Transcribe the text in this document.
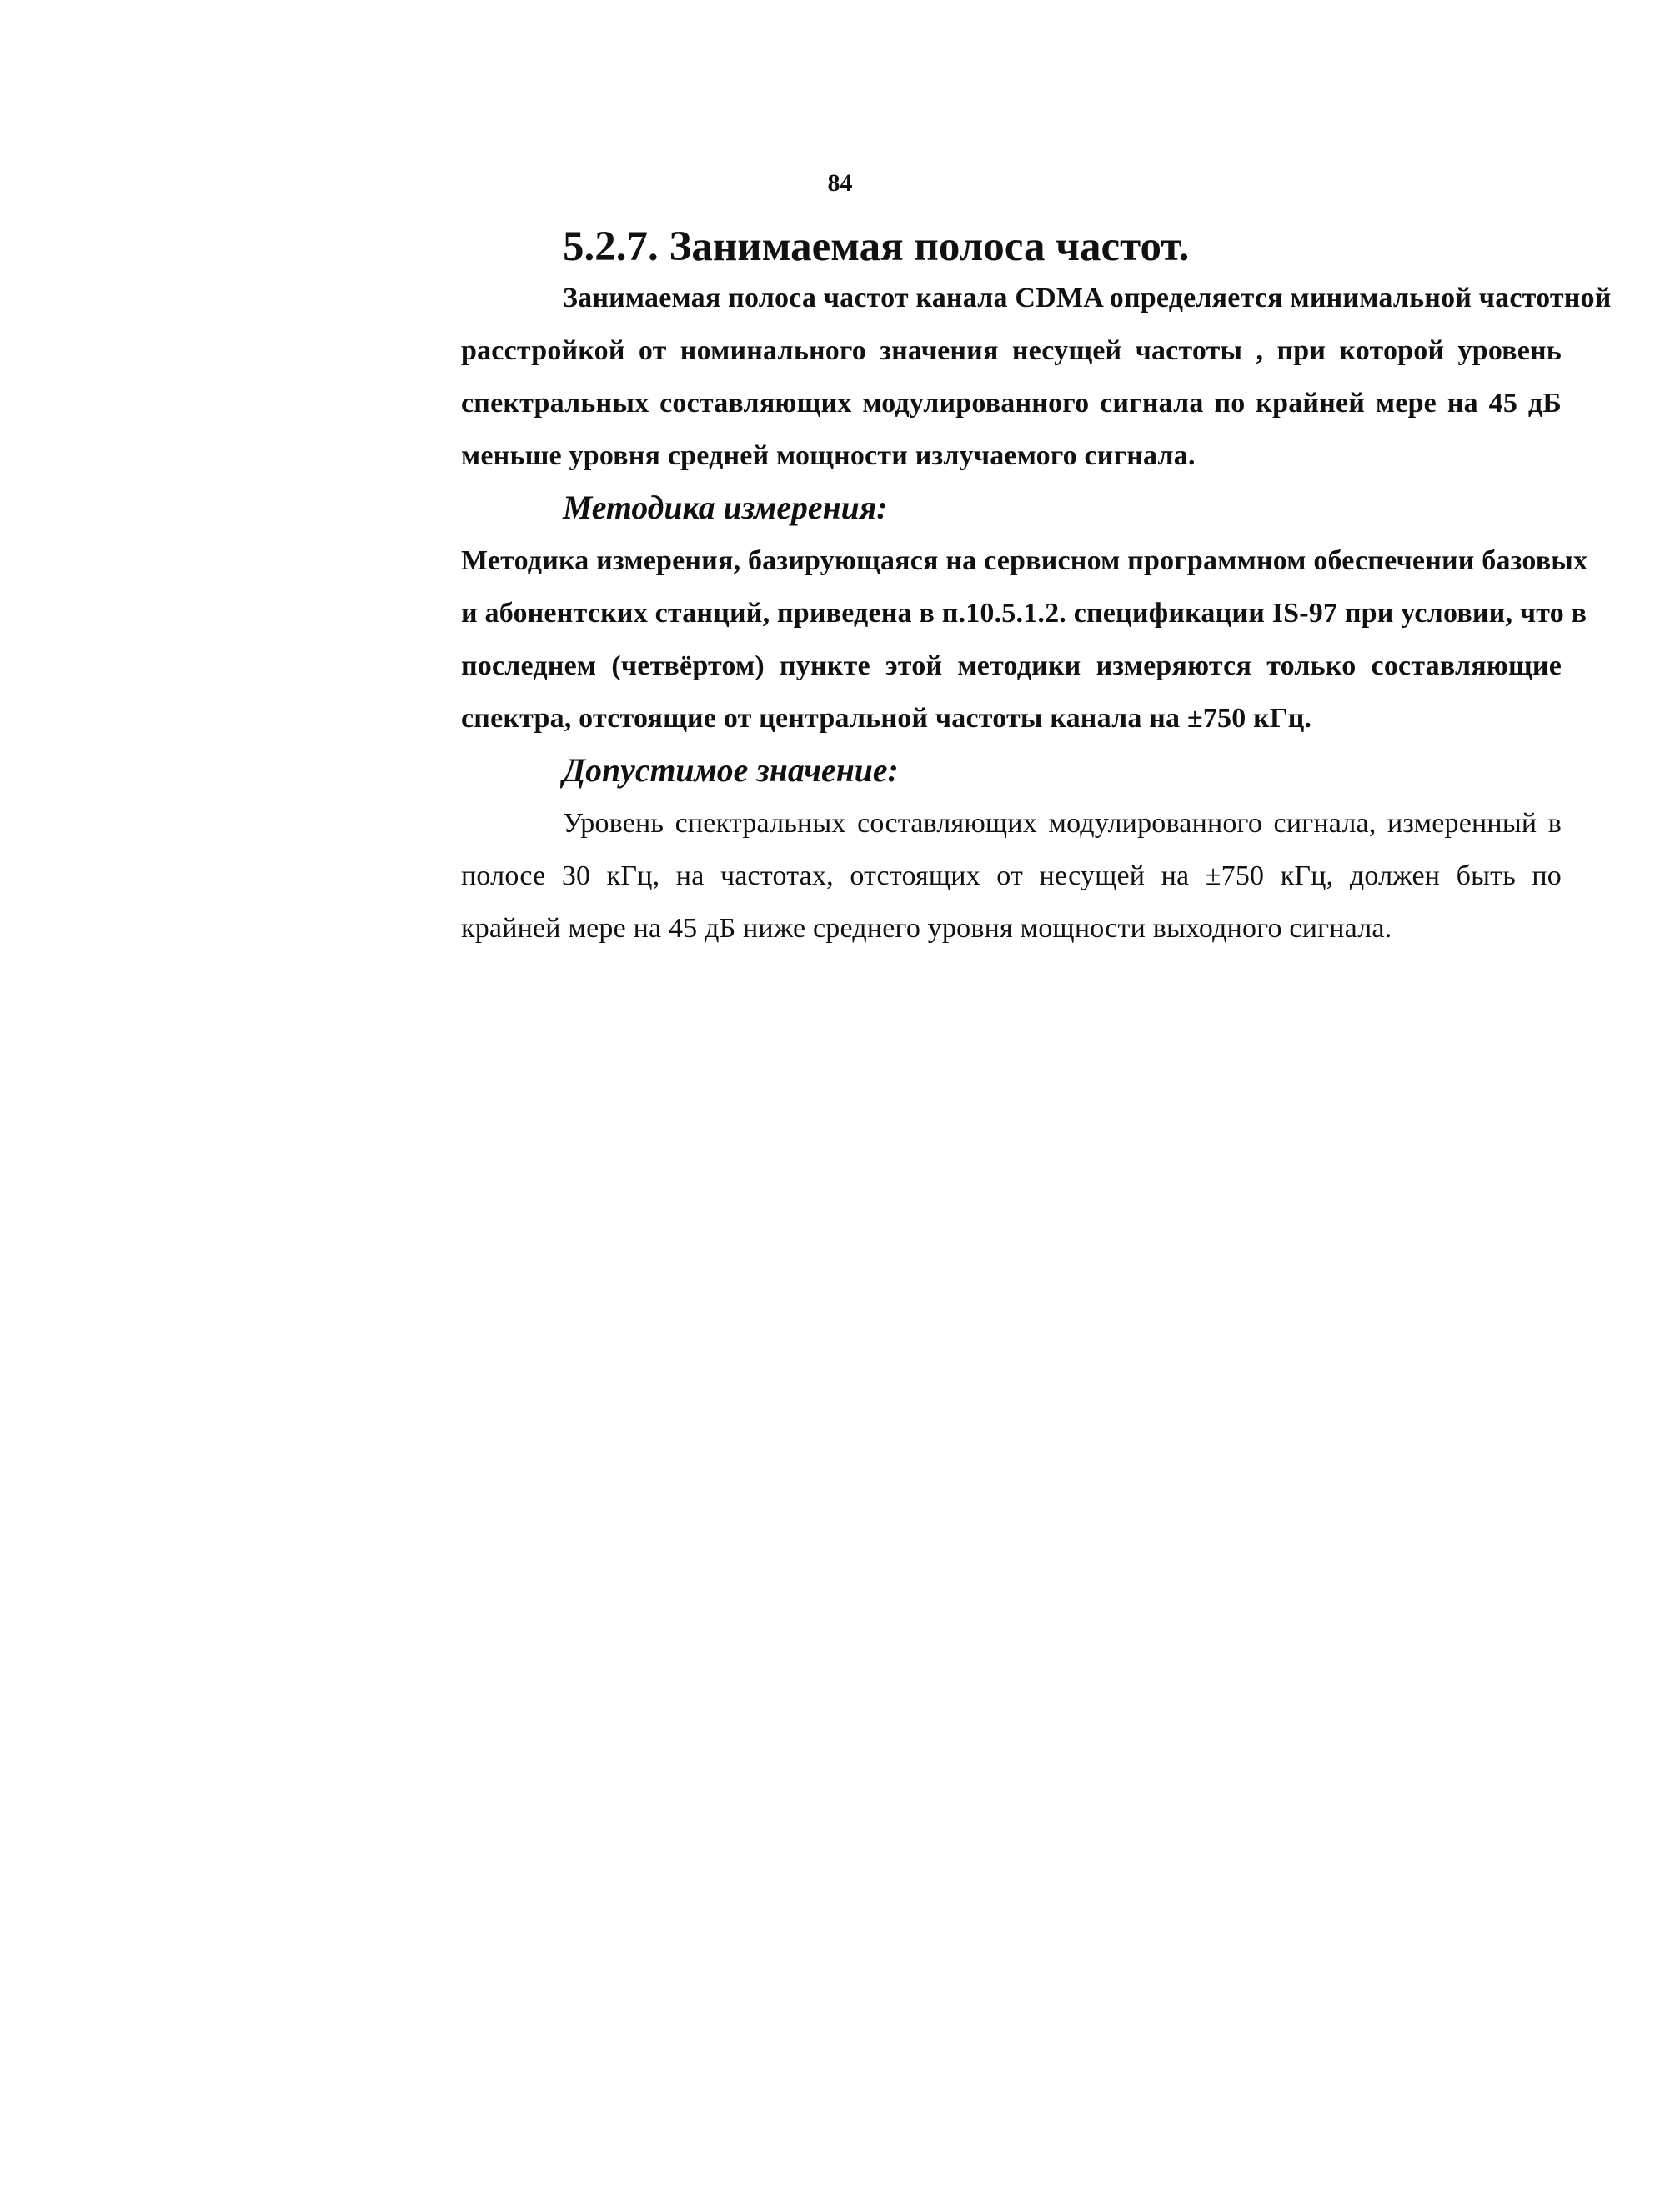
84
5.2.7. Занимаемая полоса частот.

Занимаемая полоса частот канала CDMA определяется минимальной частотной

расстройкой от номинального значения несущей частоты , при которой уровень
спектральных составляющих модулированного сигнала по крайней мере на 45 дБ
меньше уровня средней мощности излучаемого сигнала.

Методика измерения:

Методика измерения, базирующаяся на сервисном программном обеспечении базовых
и абонентских станций, приведена в п.10.5.1.2. спецификации IS-97 при условии, что в
последнем (четвёртом) пункте этой методики измеряются только составляющие
спектра, отстоящие от центральной частоты канала на ±750 кГц.

Допустимое значение:

Уровень спектральных составляющих модулированного сигнала, измеренный в
полосе 30 кГц, на частотах, отстоящих от несущей на ±750 кГц, должен быть по
крайней мере на 45 дБ ниже среднего уровня мощности выходного сигнала.
